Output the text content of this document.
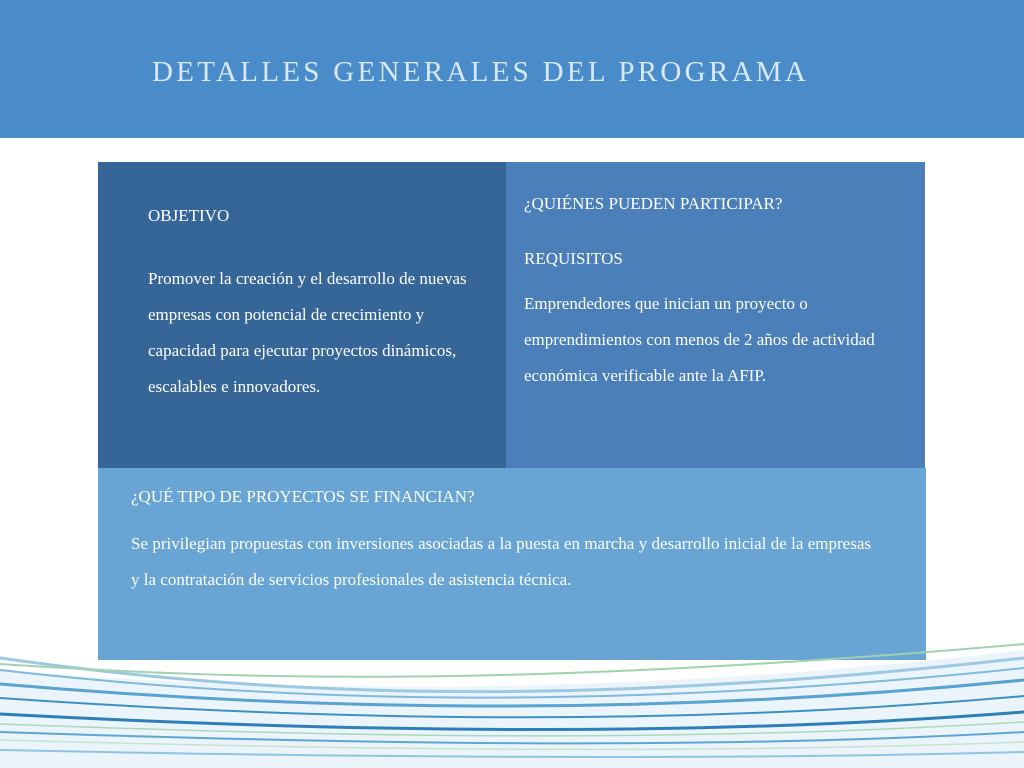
DETALLES GENERALES DEL PROGRAMA
OBJETIVO
Promover la creación y el desarrollo de nuevas empresas con potencial de crecimiento y capacidad para ejecutar proyectos dinámicos, escalables e innovadores.
¿QUIÉNES PUEDEN PARTICIPAR?
REQUISITOS
Emprendedores que inician un proyecto o emprendimientos con menos de 2 años de actividad económica verificable ante la AFIP.
¿QUÉ TIPO DE PROYECTOS SE FINANCIAN?
Se privilegian propuestas con inversiones asociadas a la puesta en marcha y desarrollo inicial de la empresas y la contratación de servicios profesionales de asistencia técnica.
